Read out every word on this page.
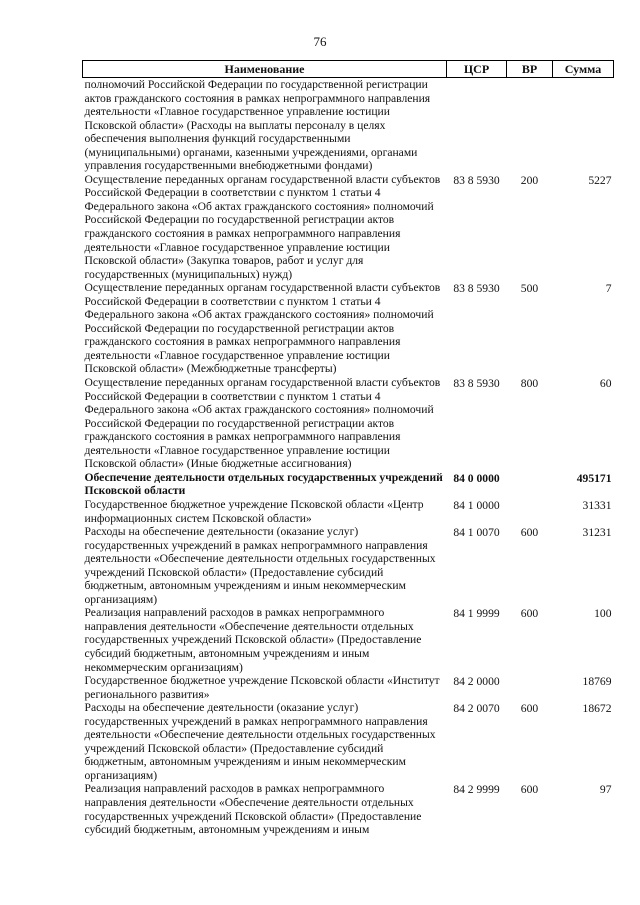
76
Наименование	ЦСР	ВР	Сумма
полномочий Российской Федерации по государственной регистрации актов гражданского состояния в рамках непрограммного направления деятельности «Главное государственное управление юстиции Псковской области» (Расходы на выплаты персоналу в целях обеспечения выполнения функций государственными (муниципальными) органами, казенными учреждениями, органами управления государственными внебюджетными фондами)			
Осуществление переданных органам государственной власти субъектов Российской Федерации в соответствии с пунктом 1 статьи 4 Федерального закона «Об актах гражданского состояния» полномочий Российской Федерации по государственной регистрации актов гражданского состояния в рамках непрограммного направления деятельности «Главное государственное управление юстиции Псковской области» (Закупка товаров, работ и услуг для государственных (муниципальных) нужд)	83 8 5930	200	5227
Осуществление переданных органам государственной власти субъектов Российской Федерации в соответствии с пунктом 1 статьи 4 Федерального закона «Об актах гражданского состояния» полномочий Российской Федерации по государственной регистрации актов гражданского состояния в рамках непрограммного направления деятельности «Главное государственное управление юстиции Псковской области» (Межбюджетные трансферты)	83 8 5930	500	7
Осуществление переданных органам государственной власти субъектов Российской Федерации в соответствии с пунктом 1 статьи 4 Федерального закона «Об актах гражданского состояния» полномочий Российской Федерации по государственной регистрации актов гражданского состояния в рамках непрограммного направления деятельности «Главное государственное управление юстиции Псковской области» (Иные бюджетные ассигнования)	83 8 5930	800	60
Обеспечение деятельности отдельных государственных учреждений Псковской области	84 0 0000		495171
Государственное бюджетное учреждение Псковской области «Центр информационных систем Псковской области»	84 1 0000		31331
Расходы на обеспечение деятельности (оказание услуг) государственных учреждений в рамках непрограммного направления деятельности «Обеспечение деятельности отдельных государственных учреждений Псковской области» (Предоставление субсидий бюджетным, автономным учреждениям и иным некоммерческим организациям)	84 1 0070	600	31231
Реализация направлений расходов в рамках непрограммного направления деятельности «Обеспечение деятельности отдельных государственных учреждений Псковской области» (Предоставление субсидий бюджетным, автономным учреждениям и иным некоммерческим организациям)	84 1 9999	600	100
Государственное бюджетное учреждение Псковской области «Институт регионального развития»	84 2 0000		18769
Расходы на обеспечение деятельности (оказание услуг) государственных учреждений в рамках непрограммного направления деятельности «Обеспечение деятельности отдельных государственных учреждений Псковской области» (Предоставление субсидий бюджетным, автономным учреждениям и иным некоммерческим организациям)	84 2 0070	600	18672
Реализация направлений расходов в рамках непрограммного направления деятельности «Обеспечение деятельности отдельных государственных учреждений Псковской области» (Предоставление субсидий бюджетным, автономным учреждениям и иным	84 2 9999	600	97
